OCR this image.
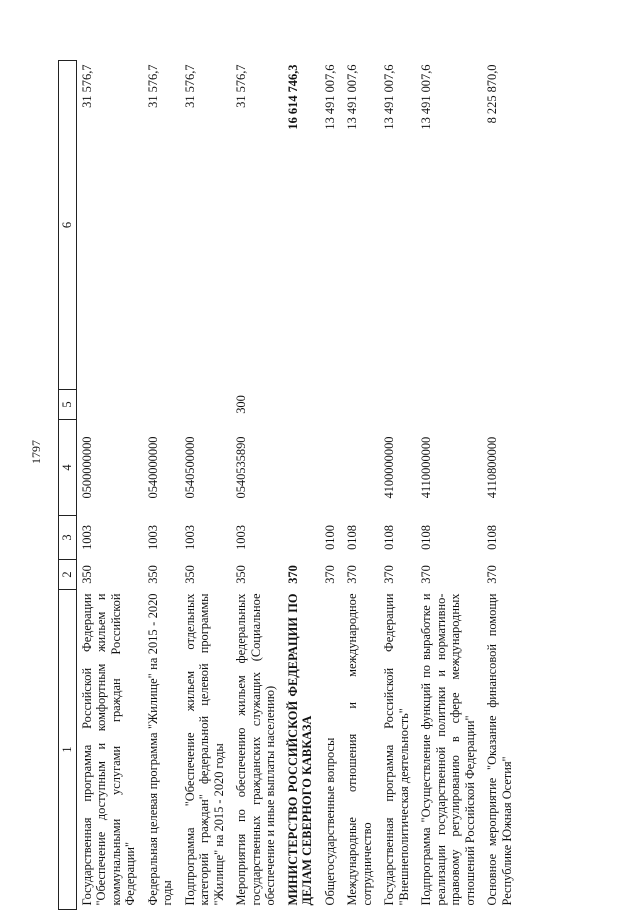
1797
1	2	3	4	5	6
Государственная программа Российской Федерации "Обеспечение доступным и комфортным жильем и коммунальными услугами граждан Российской Федерации"	350	1003	0500000000		31 576,7
Федеральная целевая программа "Жилище" на 2015 - 2020 годы	350	1003	0540000000		31 576,7
Подпрограмма "Обеспечение жильем отдельных категорий граждан" федеральной целевой программы "Жилище" на 2015 - 2020 годы	350	1003	0540500000		31 576,7
Мероприятия по обеспечению жильем федеральных государственных гражданских служащих (Социальное обеспечение и иные выплаты населению)	350	1003	0540535890	300	31 576,7
МИНИСТЕРСТВО РОССИЙСКОЙ ФЕДЕРАЦИИ ПО ДЕЛАМ СЕВЕРНОГО КАВКАЗА	370				16 614 746,3
Общегосударственные вопросы	370	0100			13 491 007,6
Международные отношения и международное сотрудничество	370	0108			13 491 007,6
Государственная программа Российской Федерации "Внешнеполитическая деятельность"	370	0108	4100000000		13 491 007,6
Подпрограмма "Осуществление функций по выработке и реализации государственной политики и нормативно-правовому регулированию в сфере международных отношений Российской Федерации"	370	0108	4110000000		13 491 007,6
Основное мероприятие "Оказание финансовой помощи Республике Южная Осетия"	370	0108	4110800000		8 225 870,0
